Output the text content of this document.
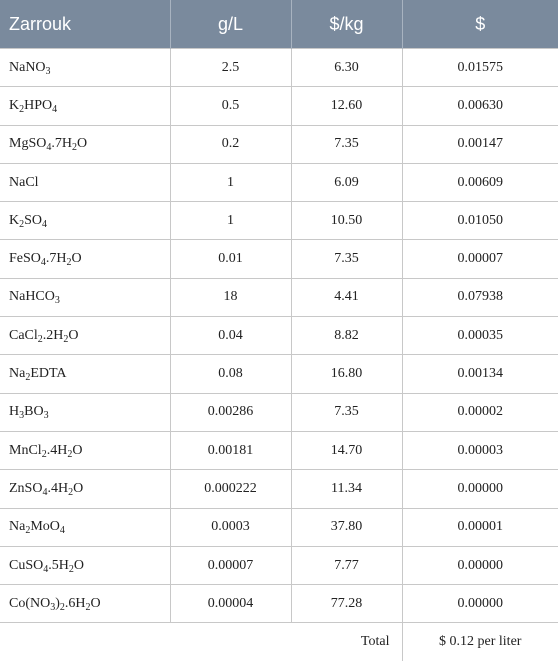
Zarrouk	g/L	$/kg	$
NaNO$_3$	2.5	6.30	0.01575
$K_2HPO_4$	0.5	12.60	0.00630
$MgSO_4.7H_2O$	0.2	7.35	0.00147
NaCl	1	6.09	0.00609
$K_2SO_4$	1	10.50	0.01050
$FeSO_4.7H_2O$	0.01	7.35	0.00007
NaHCO$_3$	18	4.41	0.07938
$CaCl_2.2H_2O$	0.04	8.82	0.00035
$Na_2EDTA$	0.08	16.80	0.00134
$H_3BO_3$	0.00286	7.35	0.00002
$MnCl_2.4H_2O$	0.00181	14.70	0.00003
$ZnSO_4.4H_2O$	0.000222	11.34	0.00000
$Na_2MoO_4$	0.0003	37.80	0.00001
$CuSO_4.5H_2O$	0.00007	7.77	0.00000
$Co(NO_3)_2.6H_2O$	0.00004	77.28	0.00000
Total			$ 0.12 per liter
